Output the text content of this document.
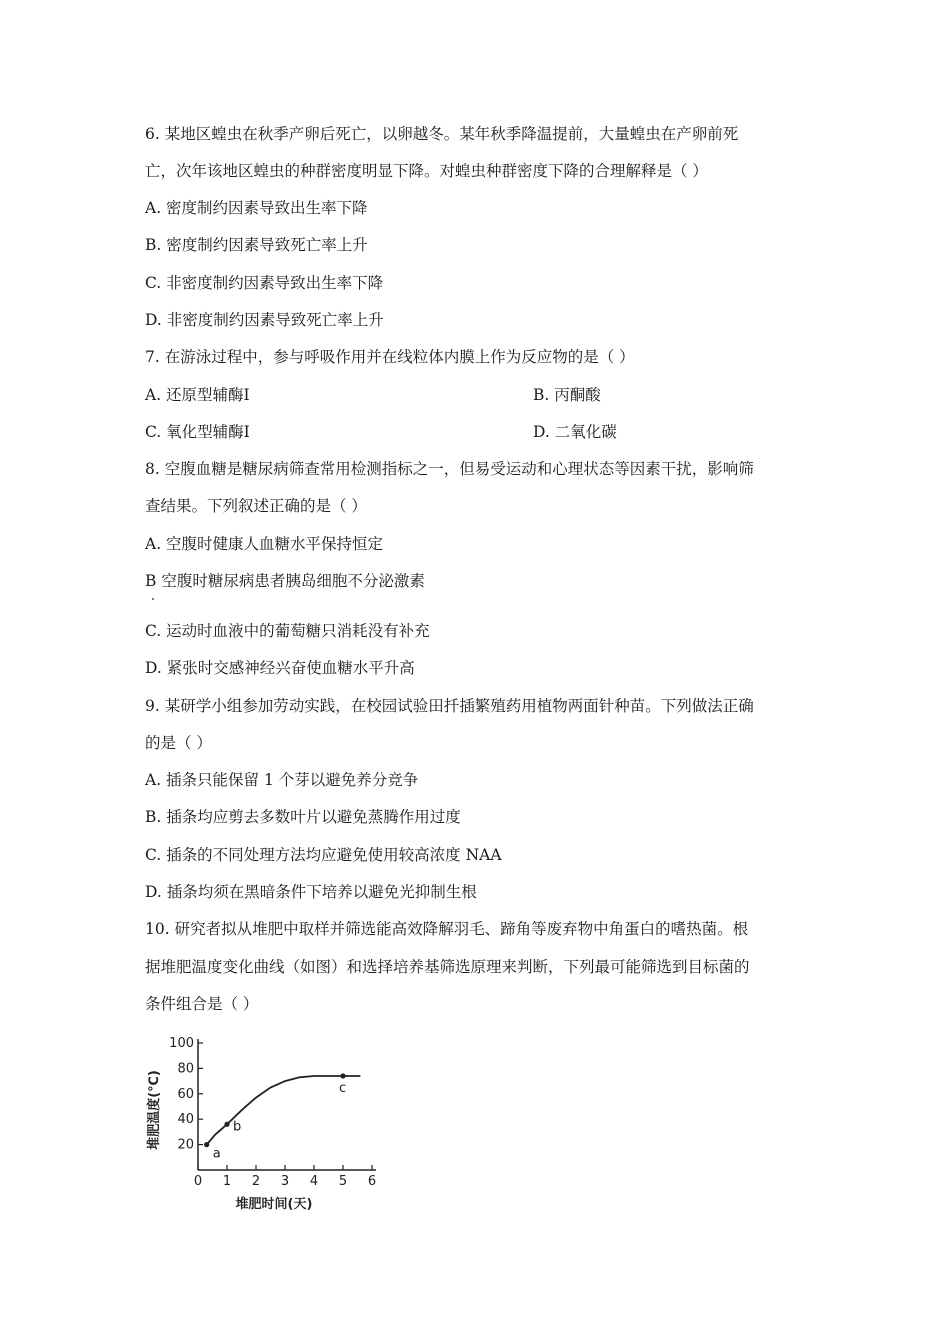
6. 某地区蝗虫在秋季产卵后死亡，以卵越冬。某年秋季降温提前，大量蝗虫在产卵前死
亡，次年该地区蝗虫的种群密度明显下降。对蝗虫种群密度下降的合理解释是（ ）
A. 密度制约因素导致出生率下降
B. 密度制约因素导致死亡率上升
C. 非密度制约因素导致出生率下降
D. 非密度制约因素导致死亡率上升
7. 在游泳过程中，参与呼吸作用并在线粒体内膜上作为反应物的是（ ）
A. 还原型辅酶Ⅰ	B. 丙酮酸
C. 氧化型辅酶Ⅰ	D. 二氧化碳
8. 空腹血糖是糖尿病筛查常用检测指标之一，但易受运动和心理状态等因素干扰，影响筛
查结果。下列叙述正确的是（ ）
A. 空腹时健康人血糖水平保持恒定
B 空腹时糖尿病患者胰岛细胞不分泌激素
C. 运动时血液中的葡萄糖只消耗没有补充
D. 紧张时交感神经兴奋使血糖水平升高
9. 某研学小组参加劳动实践，在校园试验田扦插繁殖药用植物两面针种苗。下列做法正确
的是（ ）
A. 插条只能保留 1 个芽以避免养分竞争
B. 插条均应剪去多数叶片以避免蒸腾作用过度
C. 插条的不同处理方法均应避免使用较高浓度 NAA
D. 插条均须在黑暗条件下培养以避免光抑制生根
10. 研究者拟从堆肥中取样并筛选能高效降解羽毛、蹄角等废弃物中角蛋白的嗜热菌。根
据堆肥温度变化曲线（如图）和选择培养基筛选原理来判断，下列最可能筛选到目标菌的
条件组合是（ ）
0 1 2 3 4 5 6
20
40
60
80
100
a
b
c
堆肥温度(℃)
堆肥时间(天)
